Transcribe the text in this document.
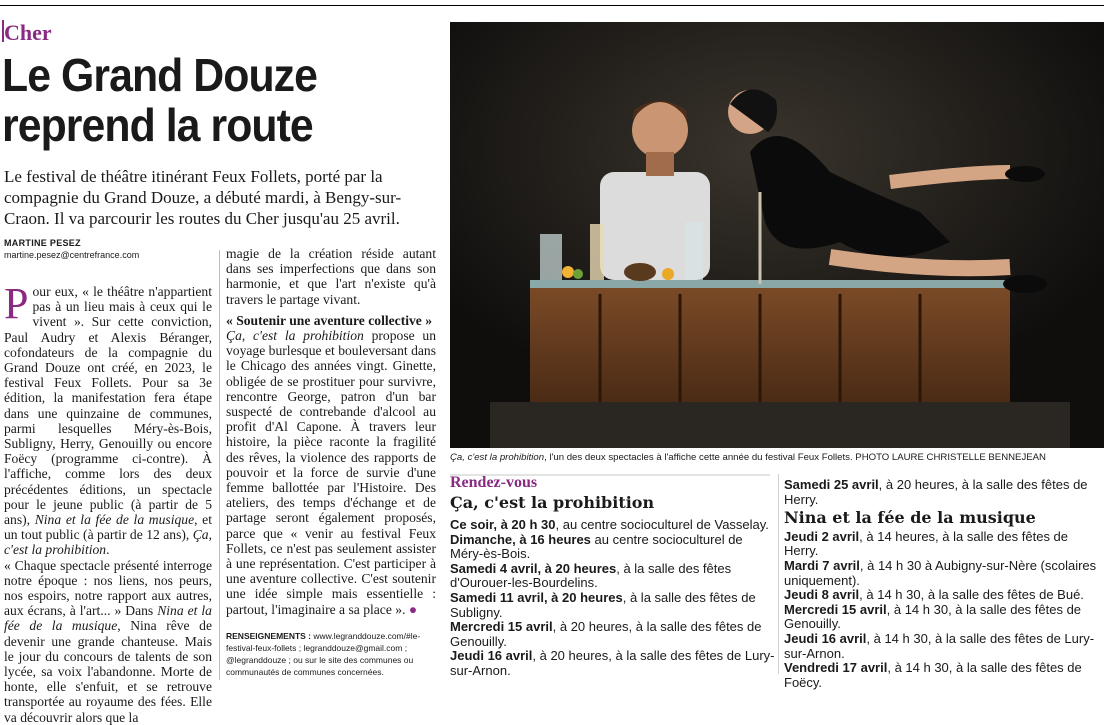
Cher
Le Grand Douze reprend la route
Le festival de théâtre itinérant Feux Follets, porté par la compagnie du Grand Douze, a débuté mardi, à Bengy-sur-Craon. Il va parcourir les routes du Cher jusqu'au 25 avril.
MARTINE PESEZ
martine.pesez@centrefrance.com
P our eux, « le théâtre n'appartient pas à un lieu mais à ceux qui le vivent ». Sur cette conviction, Paul Audry et Alexis Béranger, cofondateurs de la compagnie du Grand Douze ont créé, en 2023, le festival Feux Follets. Pour sa 3e édition, la manifestation fera étape dans une quinzaine de communes, parmi lesquelles Méry-ès-Bois, Subligny, Herry, Genouilly ou encore Foëcy (programme ci-contre). À l'affiche, comme lors des deux précédentes éditions, un spectacle pour le jeune public (à partir de 5 ans), Nina et la fée de la musique, et un tout public (à partir de 12 ans), Ça, c'est la prohibition.

« Chaque spectacle présenté interroge notre époque : nos liens, nos peurs, nos espoirs, notre rapport aux autres, aux écrans, à l'art... » Dans Nina et la fée de la musique, Nina rêve de devenir une grande chanteuse. Mais le jour du concours de talents de son lycée, sa voix l'abandonne. Morte de honte, elle s'enfuit, et se retrouve transportée au royaume des fées. Elle va découvrir alors que la

magie de la création réside autant dans ses imperfections que dans son harmonie, et que l'art n'existe qu'à travers le partage vivant.

« Soutenir une aventure collective »

Ça, c'est la prohibition propose un voyage burlesque et bouleversant dans le Chicago des années vingt. Ginette, obligée de se prostituer pour survivre, rencontre George, patron d'un bar suspecté de contrebande d'alcool au profit d'Al Capone. À travers leur histoire, la pièce raconte la fragilité des rêves, la violence des rapports de pouvoir et la force de survie d'une femme ballottée par l'Histoire. Des ateliers, des temps d'échange et de partage seront également proposés, parce que « venir au festival Feux Follets, ce n'est pas seulement assister à une représentation. C'est participer à une aventure collective. C'est soutenir une idée simple mais essentielle : partout, l'imaginaire a sa place ». ●

RENSEIGNEMENTS : www.legranddouze.com/#le-festival-feux-follets ; legranddouze@gmail.com ; @legranddouze ; ou sur le site des communes ou communautés de communes concernées.
Ça, c'est la prohibition, l'un des deux spectacles à l'affiche cette année du festival Feux Follets. PHOTO LAURE CHRISTELLE BENNEJEAN
Rendez-vous
Ça, c'est la prohibition
Ce soir, à 20 h 30, au centre socioculturel de Vasselay.
Dimanche, à 16 heures au centre socioculturel de Méry-ès-Bois.
Samedi 4 avril, à 20 heures, à la salle des fêtes d'Ourouer-les-Bourdelins.
Samedi 11 avril, à 20 heures, à la salle des fêtes de Subligny.
Mercredi 15 avril, à 20 heures, à la salle des fêtes de Genouilly.
Jeudi 16 avril, à 20 heures, à la salle des fêtes de Lury-sur-Arnon.
Samedi 25 avril, à 20 heures, à la salle des fêtes de Herry.
Nina et la fée de la musique
Jeudi 2 avril, à 14 heures, à la salle des fêtes de Herry.
Mardi 7 avril, à 14 h 30 à Aubigny-sur-Nère (scolaires uniquement).
Jeudi 8 avril, à 14 h 30, à la salle des fêtes de Bué.
Mercredi 15 avril, à 14 h 30, à la salle des fêtes de Genouilly.
Jeudi 16 avril, à 14 h 30, à la salle des fêtes de Lury-sur-Arnon.
Vendredi 17 avril, à 14 h 30, à la salle des fêtes de Foëcy.
